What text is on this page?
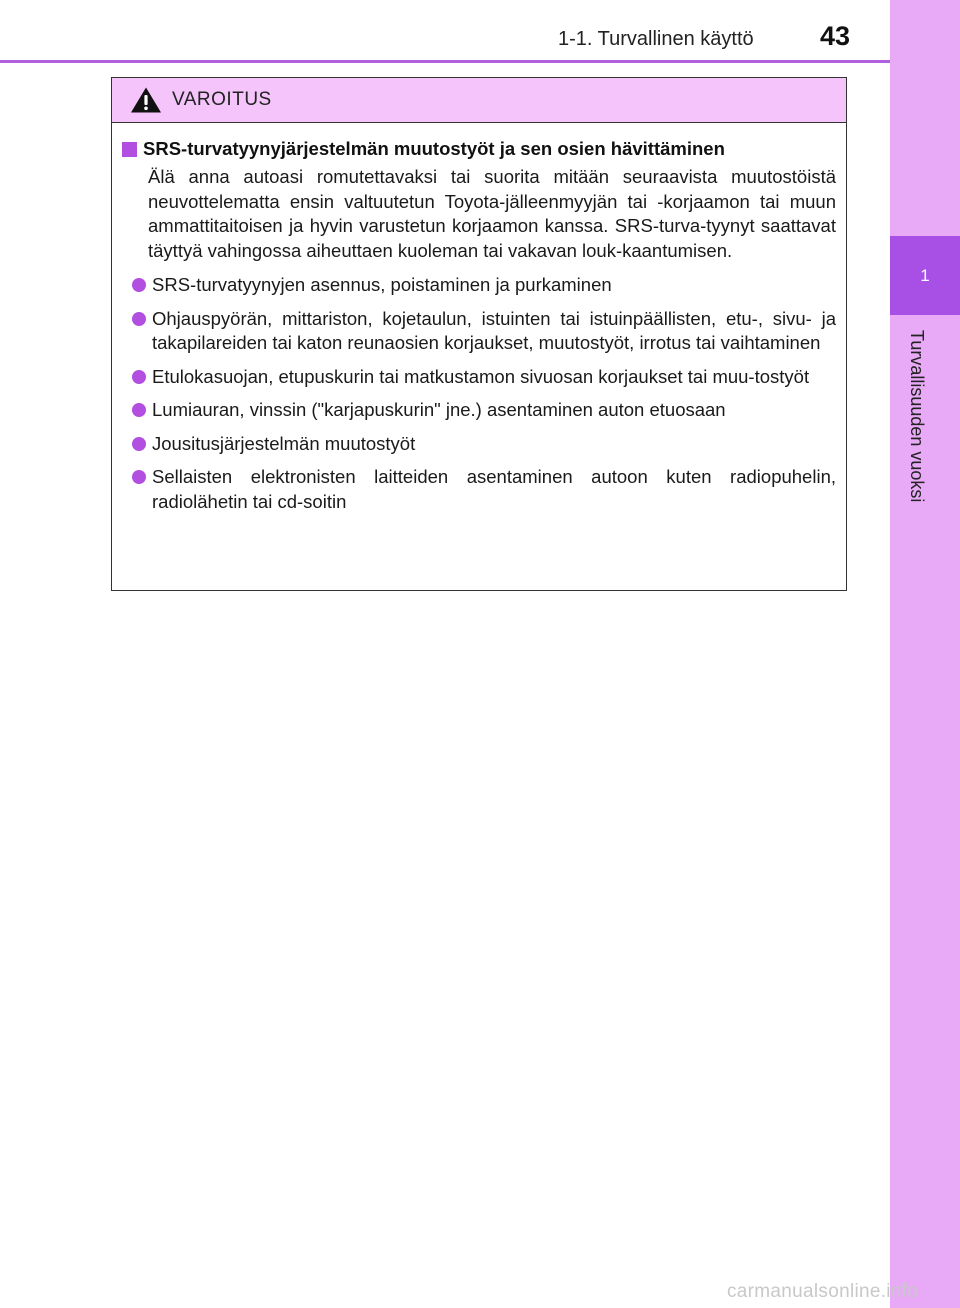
1-1. Turvallinen käyttö 43
1
Turvallisuuden vuoksi
VAROITUS
SRS-turvatyynyjärjestelmän muutostyöt ja sen osien hävittäminen
Älä anna autoasi romutettavaksi tai suorita mitään seuraavista muutostöistä neuvottelematta ensin valtuutetun Toyota-jälleenmyyjän tai -korjaamon tai muun ammattitaitoisen ja hyvin varustetun korjaamon kanssa. SRS-turva-tyynyt saattavat täyttyä vahingossa aiheuttaen kuoleman tai vakavan louk-kaantumisen.
SRS-turvatyynyjen asennus, poistaminen ja purkaminen
Ohjauspyörän, mittariston, kojetaulun, istuinten tai istuinpäällisten, etu-, sivu- ja takapilareiden tai katon reunaosien korjaukset, muutostyöt, irrotus tai vaihtaminen
Etulokasuojan, etupuskurin tai matkustamon sivuosan korjaukset tai muu-tostyöt
Lumiauran, vinssin ("karjapuskurin" jne.) asentaminen auton etuosaan
Jousitusjärjestelmän muutostyöt
Sellaisten elektronisten laitteiden asentaminen autoon kuten radiopuhelin, radiolähetin tai cd-soitin
carmanualsonline.info
